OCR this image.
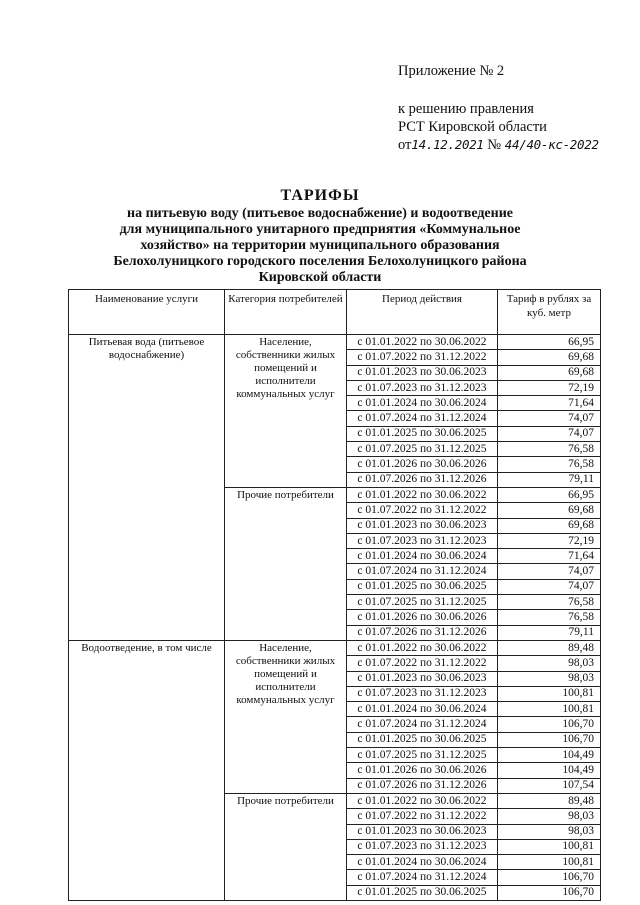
Приложение № 2
к решению правления
РСТ Кировской области
от14.12.2021 № 44/40-кс-2022
ТАРИФЫ
на питьевую воду (питьевое водоснабжение) и водоотведение
для муниципального унитарного предприятия «Коммунальное
хозяйство» на территории муниципального образования
Белохолуницкого городского поселения Белохолуницкого района
Кировской области
Наименование услуги	Категория потребителей	Период действия	Тариф в рублях за куб. метр
Питьевая вода (питьевое водоснабжение)	Население, собственники жилых помещений и исполнители коммунальных услуг	с 01.01.2022 по 30.06.2022	66,95
		с 01.07.2022 по 31.12.2022	69,68
		с 01.01.2023 по 30.06.2023	69,68
		с 01.07.2023 по 31.12.2023	72,19
		с 01.01.2024 по 30.06.2024	71,64
		с 01.07.2024 по 31.12.2024	74,07
		с 01.01.2025 по 30.06.2025	74,07
		с 01.07.2025 по 31.12.2025	76,58
		с 01.01.2026 по 30.06.2026	76,58
		с 01.07.2026 по 31.12.2026	79,11
	Прочие потребители	с 01.01.2022 по 30.06.2022	66,95
		с 01.07.2022 по 31.12.2022	69,68
		с 01.01.2023 по 30.06.2023	69,68
		с 01.07.2023 по 31.12.2023	72,19
		с 01.01.2024 по 30.06.2024	71,64
		с 01.07.2024 по 31.12.2024	74,07
		с 01.01.2025 по 30.06.2025	74,07
		с 01.07.2025 по 31.12.2025	76,58
		с 01.01.2026 по 30.06.2026	76,58
		с 01.07.2026 по 31.12.2026	79,11
Водоотведение, в том числе	Население, собственники жилых помещений и исполнители коммунальных услуг	с 01.01.2022 по 30.06.2022	89,48
		с 01.07.2022 по 31.12.2022	98,03
		с 01.01.2023 по 30.06.2023	98,03
		с 01.07.2023 по 31.12.2023	100,81
		с 01.01.2024 по 30.06.2024	100,81
		с 01.07.2024 по 31.12.2024	106,70
		с 01.01.2025 по 30.06.2025	106,70
		с 01.07.2025 по 31.12.2025	104,49
		с 01.01.2026 по 30.06.2026	104,49
		с 01.07.2026 по 31.12.2026	107,54
	Прочие потребители	с 01.01.2022 по 30.06.2022	89,48
		с 01.07.2022 по 31.12.2022	98,03
		с 01.01.2023 по 30.06.2023	98,03
		с 01.07.2023 по 31.12.2023	100,81
		с 01.01.2024 по 30.06.2024	100,81
		с 01.07.2024 по 31.12.2024	106,70
		с 01.01.2025 по 30.06.2025	106,70
